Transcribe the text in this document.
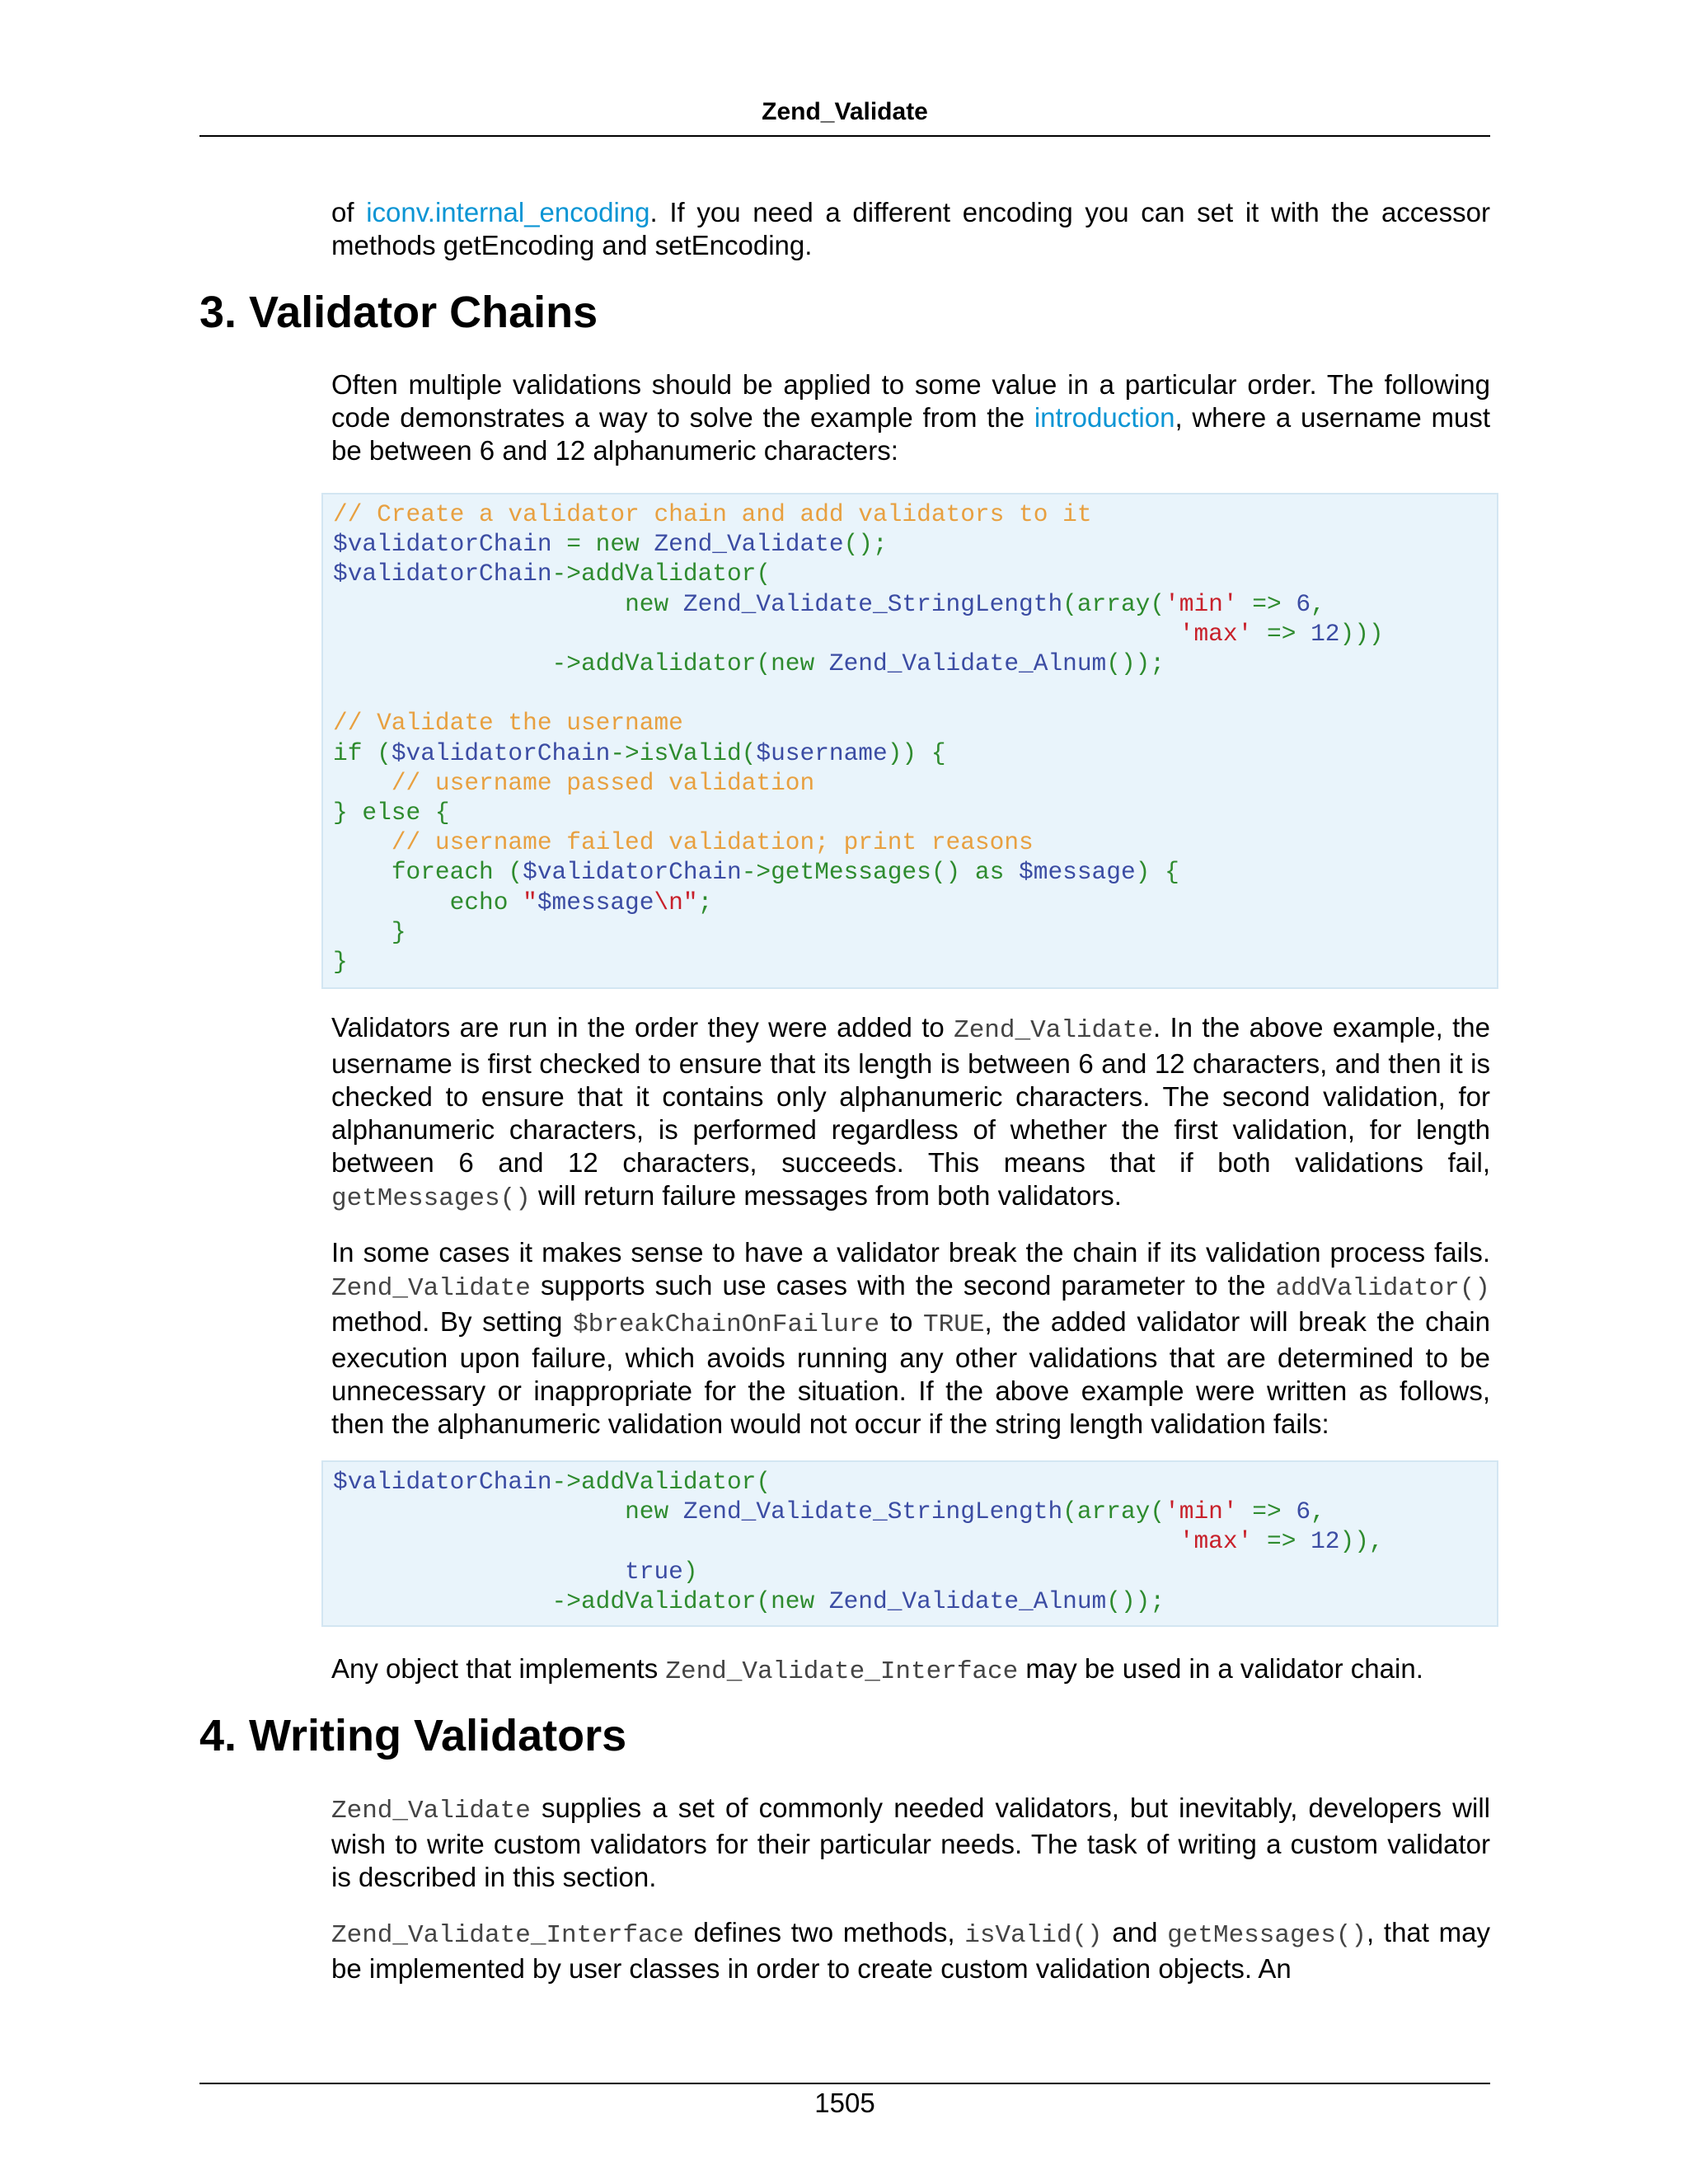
Zend_Validate

of iconv.internal_encoding. If you need a different encoding you can set it with the accessor methods getEncoding and setEncoding.

3. Validator Chains

Often multiple validations should be applied to some value in a particular order. The following code demonstrates a way to solve the example from the introduction, where a username must be between 6 and 12 alphanumeric characters:

// Create a validator chain and add validators to it
$validatorChain = new Zend_Validate();
$validatorChain->addValidator(
new Zend_Validate_StringLength(array('min' => 6,
'max' => 12)))
->addValidator(new Zend_Validate_Alnum());

// Validate the username
if ($validatorChain->isValid($username)) {
// username passed validation
} else {
// username failed validation; print reasons
foreach ($validatorChain->getMessages() as $message) {
echo "$message\n";
}
}

Validators are run in the order they were added to Zend_Validate. In the above example, the username is first checked to ensure that its length is between 6 and 12 characters, and then it is checked to ensure that it contains only alphanumeric characters. The second validation, for alphanumeric characters, is performed regardless of whether the first validation, for length between 6 and 12 characters, succeeds. This means that if both validations fail, getMessages() will return failure messages from both validators.

In some cases it makes sense to have a validator break the chain if its validation process fails. Zend_Validate supports such use cases with the second parameter to the addValidator() method. By setting $breakChainOnFailure to TRUE, the added validator will break the chain execution upon failure, which avoids running any other validations that are determined to be unnecessary or inappropriate for the situation. If the above example were written as follows, then the alphanumeric validation would not occur if the string length validation fails:

$validatorChain->addValidator(
new Zend_Validate_StringLength(array('min' => 6,
'max' => 12)),
true)
->addValidator(new Zend_Validate_Alnum());

Any object that implements Zend_Validate_Interface may be used in a validator chain.

4. Writing Validators

Zend_Validate supplies a set of commonly needed validators, but inevitably, developers will wish to write custom validators for their particular needs. The task of writing a custom validator is described in this section.

Zend_Validate_Interface defines two methods, isValid() and getMessages(), that may be implemented by user classes in order to create custom validation objects. An

1505
